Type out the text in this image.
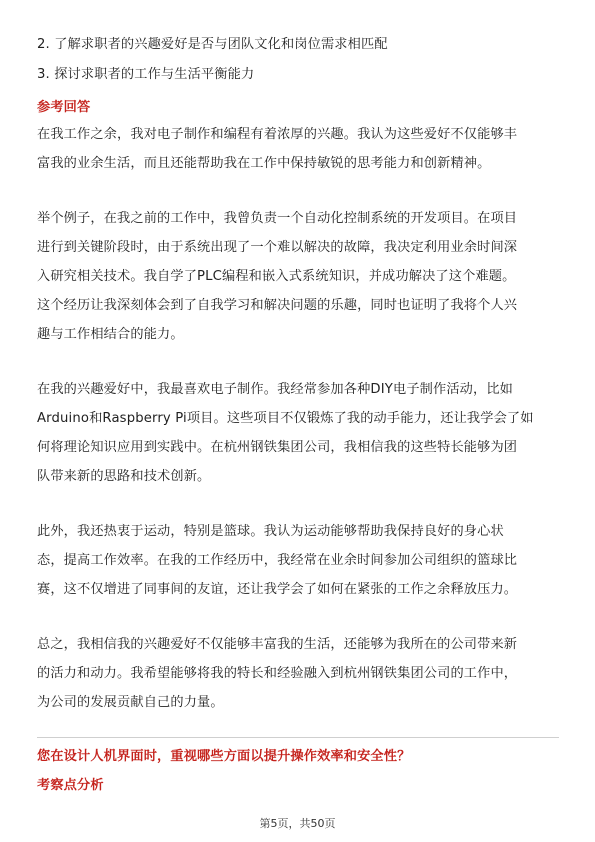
2. 了解求职者的兴趣爱好是否与团队文化和岗位需求相匹配
3. 探讨求职者的工作与生活平衡能力
参考回答
在我工作之余，我对电子制作和编程有着浓厚的兴趣。我认为这些爱好不仅能够丰
富我的业余生活，而且还能帮助我在工作中保持敏锐的思考能力和创新精神。
举个例子，在我之前的工作中，我曾负责一个自动化控制系统的开发项目。在项目
进行到关键阶段时，由于系统出现了一个难以解决的故障，我决定利用业余时间深
入研究相关技术。我自学了PLC编程和嵌入式系统知识，并成功解决了这个难题。
这个经历让我深刻体会到了自我学习和解决问题的乐趣，同时也证明了我将个人兴
趣与工作相结合的能力。
在我的兴趣爱好中，我最喜欢电子制作。我经常参加各种DIY电子制作活动，比如
Arduino和Raspberry Pi项目。这些项目不仅锻炼了我的动手能力，还让我学会了如
何将理论知识应用到实践中。在杭州钢铁集团公司，我相信我的这些特长能够为团
队带来新的思路和技术创新。
此外，我还热衷于运动，特别是篮球。我认为运动能够帮助我保持良好的身心状
态，提高工作效率。在我的工作经历中，我经常在业余时间参加公司组织的篮球比
赛，这不仅增进了同事间的友谊，还让我学会了如何在紧张的工作之余释放压力。
总之，我相信我的兴趣爱好不仅能够丰富我的生活，还能够为我所在的公司带来新
的活力和动力。我希望能够将我的特长和经验融入到杭州钢铁集团公司的工作中，
为公司的发展贡献自己的力量。
您在设计人机界面时，重视哪些方面以提升操作效率和安全性？
考察点分析
第5页，共50页
